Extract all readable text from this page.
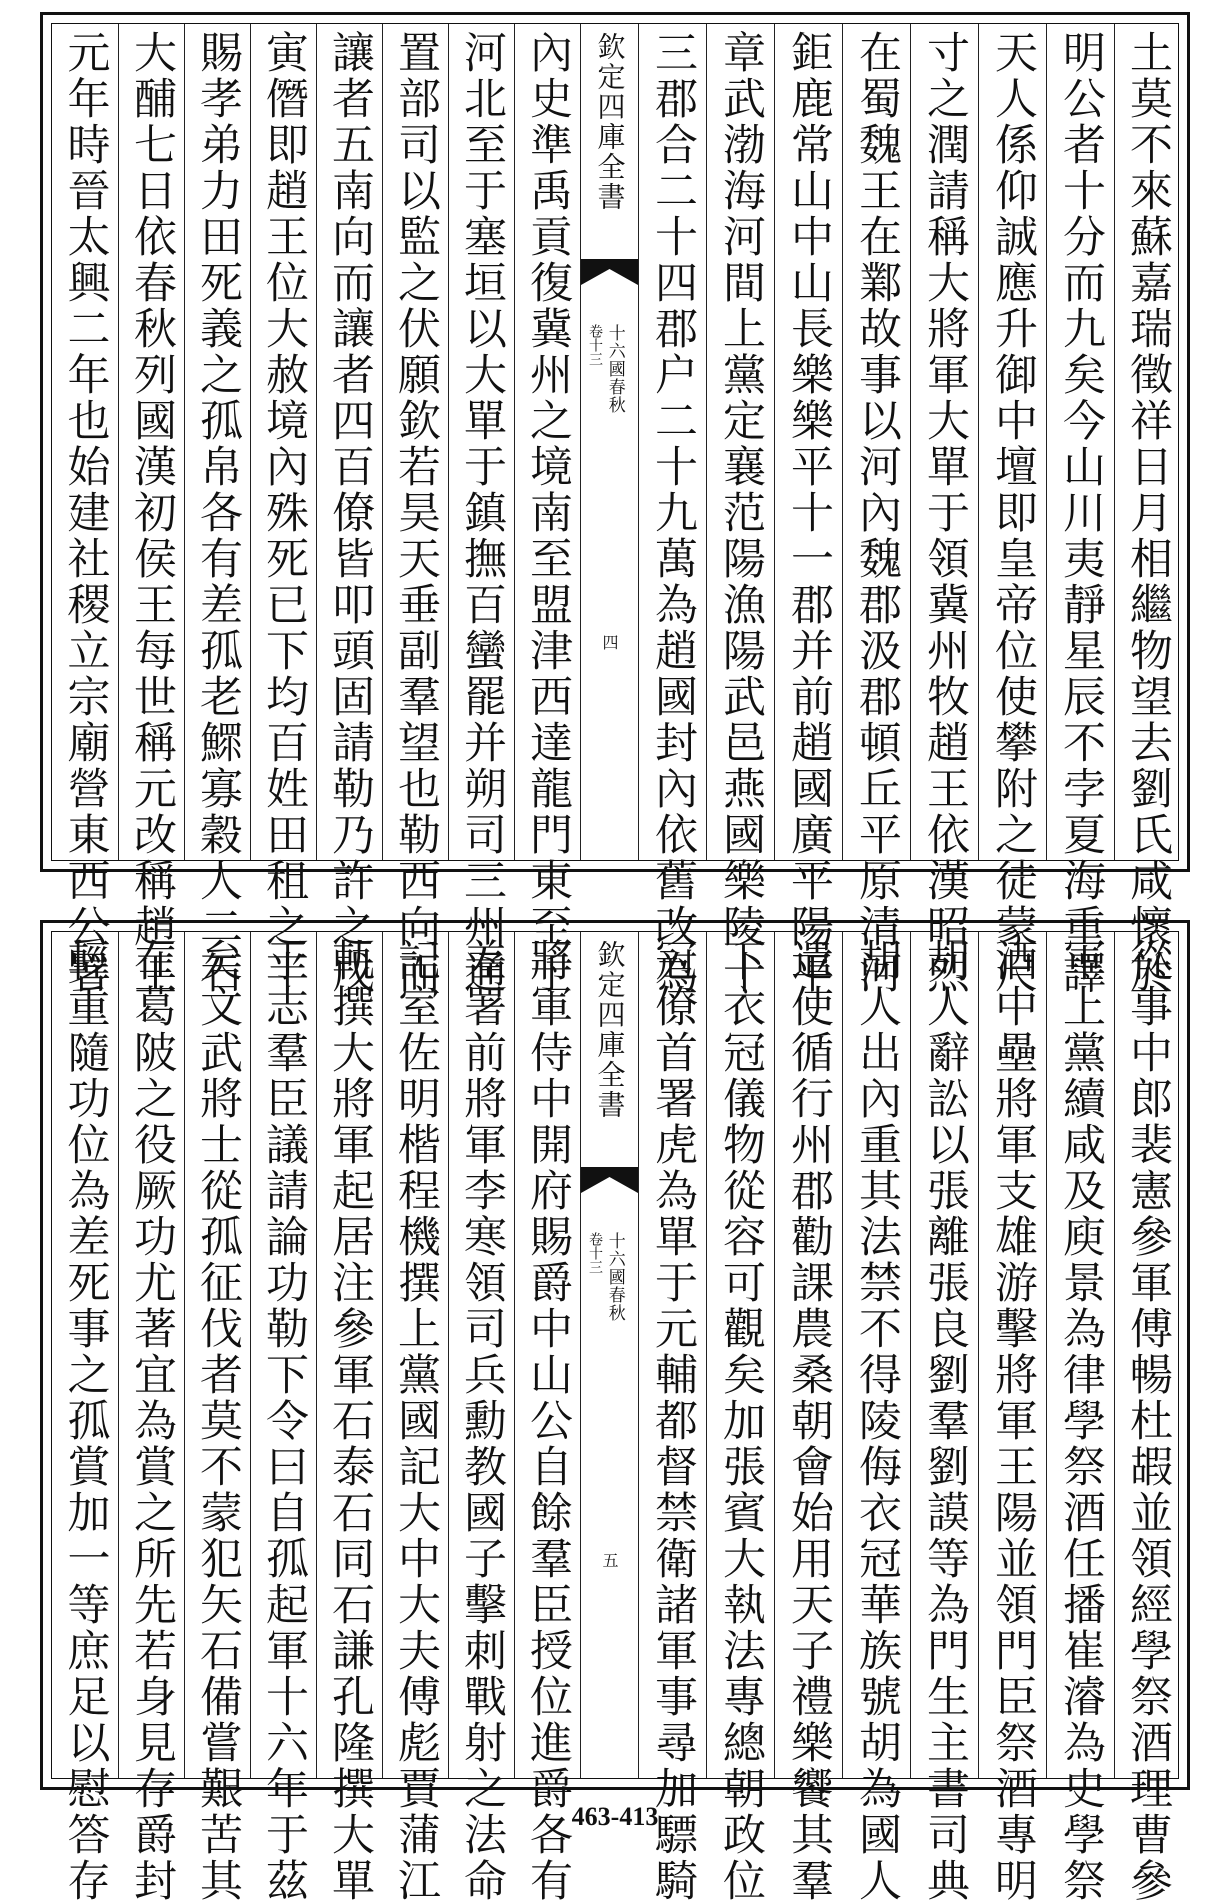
元年時晉太興二年也始建社稷立宗廟營東西公署 大酺七日依春秋列國漢初侯王每世稱元改稱趙王 賜孝弟力田死義之孤帛各有差孤老鰥寡穀人二石 寅僭即趙王位大赦境內殊死已下均百姓田租之半 讓者五南向而讓者四百僚皆叩頭固請勒乃許之戊 置部司以監之伏願欽若昊天垂副羣望也勒西向而 河北至于塞垣以大單于鎮撫百蠻罷并朔司三州通 內史準禹貢復冀州之境南至盟津西達龍門東至于 欽定四庫全書
十六國春秋
卷十三
四 三郡合二十四郡户二十九萬為趙國封內依舊改為 章武渤海河間上黨定襄范陽漁陽武邑燕國樂陵十 鉅鹿常山中山長樂樂平十一郡并前趙國廣平陽平 在蜀魏王在鄴故事以河內魏郡汲郡頓丘平原清河 寸之潤請稱大將軍大單于領冀州牧趙王依漢昭烈 天人係仰誠應升御中壇即皇帝位使攀附之徒蒙尺 明公者十分而九矣今山川夷靜星辰不孛夏海重譯 土莫不來蘇嘉瑞徵祥日月相繼物望去劉氏咸懷於
輕重隨功位為差死事之孤賞加一等庶足以慰答存 在葛陂之役厥功尤著宜為賞之所先若身見存爵封 矣文武將士從孤征伐者莫不蒙犯矢石備嘗艱苦其 于志羣臣議請論功勒下令曰自孤起軍十六年于茲 軌撰大將軍起居注參軍石泰石同石謙孔隆撰大單 記室佐明楷程機撰上黨國記大中大夫傅彪賈蒲江 差署前將軍李寒領司兵勳教國子擊刺戰射之法命 將軍侍中開府賜爵中山公自餘羣臣授位進爵各有 欽定四庫全書
十六國春秋
卷十三
五 冠僚首署虎為單于元輔都督禁衛諸軍事尋加驃騎 下衣冠儀物從容可觀矣加張賓大執法專總朝政位 遣使循行州郡勸課農桑朝會始用天子禮樂饗其羣 胡人出內重其法禁不得陵侮衣冠華族號胡為國人 胡人辭訟以張離張良劉羣劉謨等為門生主書司典 酒中壘將軍支雄游擊將軍王陽並領門臣祭酒專明 軍上黨續咸及庾景為律學祭酒任播崔濬為史學祭 從事中郎裴憲參軍傅暢杜嘏並領經學祭酒理曹參
463-413
